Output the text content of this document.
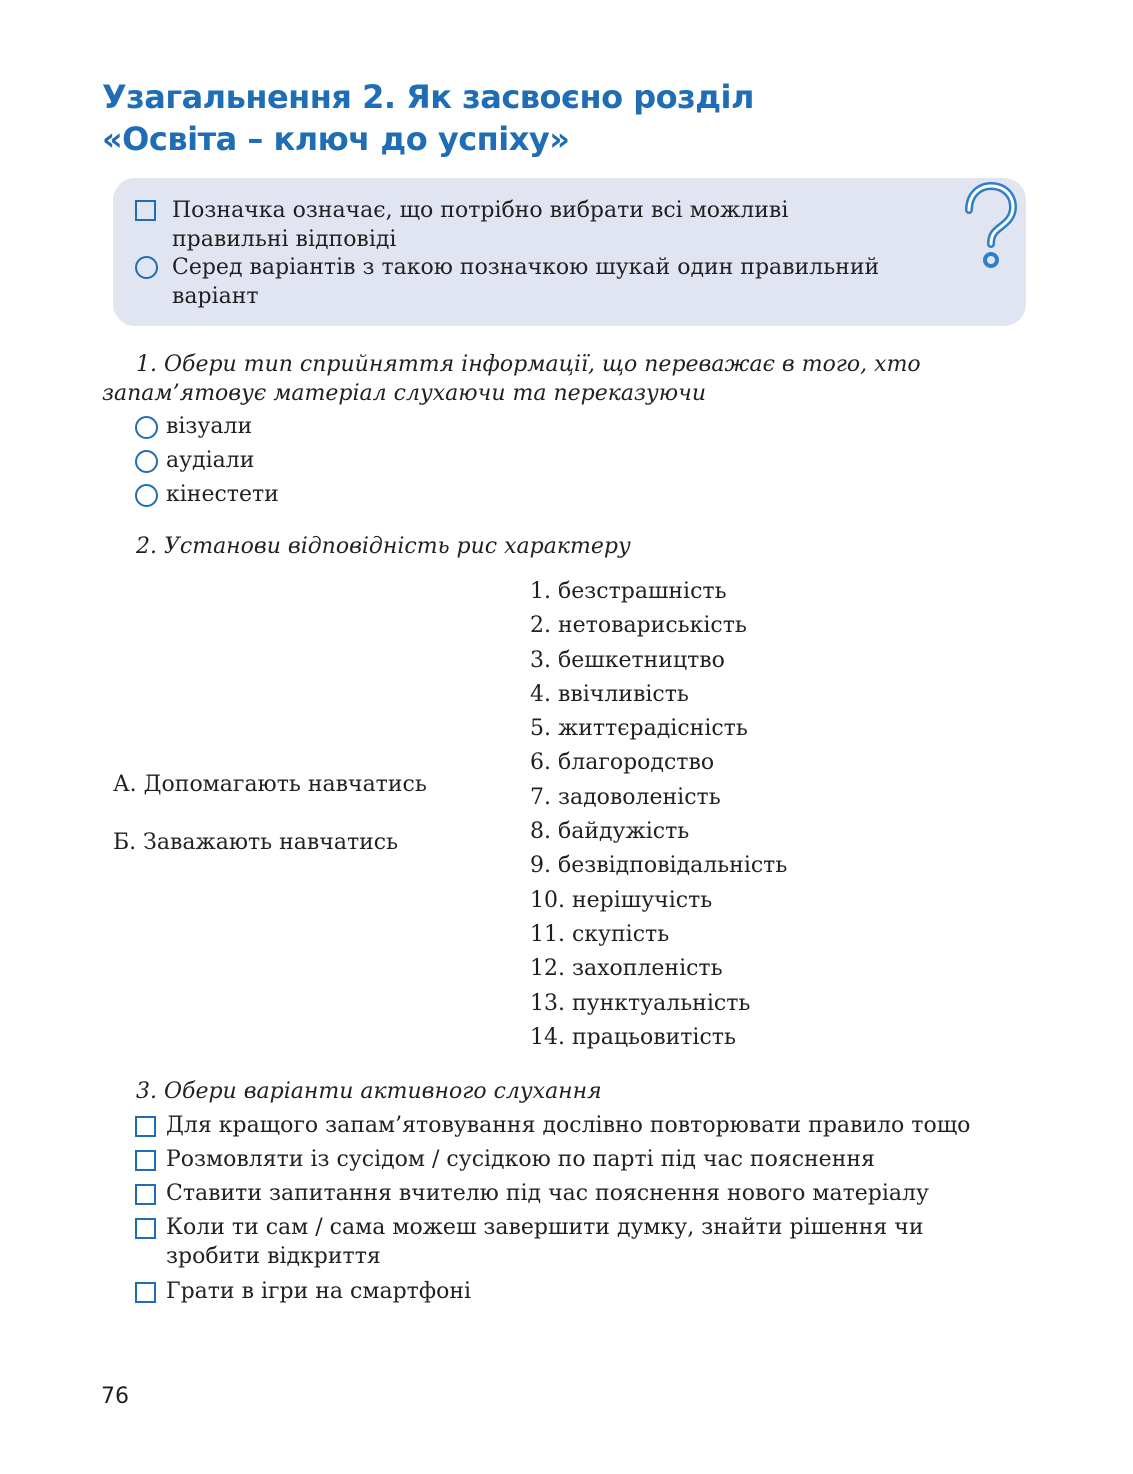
Узагальнення 2. Як засвоєно розділ
«Освіта – ключ до успіху»
Позначка означає, що потрібно вибрати всі можливі
правильні відповіді
Серед варіантів з такою позначкою шукай один правильний
варіант
1. Обери тип сприйняття інформації, що переважає в того, хто
запам’ятовує матеріал слухаючи та переказуючи
візуали
аудіали
кінестети
2. Установи відповідність рис характеру
А. Допомагають навчатись
Б. Заважають навчатись
1. безстрашність
2. нетовариськість
3. бешкетництво
4. ввічливість
5. життєрадісність
6. благородство
7. задоволеність
8. байдужість
9. безвідповідальність
10. нерішучість
11. скупість
12. захопленість
13. пунктуальність
14. працьовитість
3. Обери варіанти активного слухання
Для кращого запам’ятовування дослівно повторювати правило тощо
Розмовляти із сусідом / сусідкою по парті під час пояснення
Ставити запитання вчителю під час пояснення нового матеріалу
Коли ти сам / сама можеш завершити думку, знайти рішення чи
зробити відкриття
Грати в ігри на смартфоні
76
